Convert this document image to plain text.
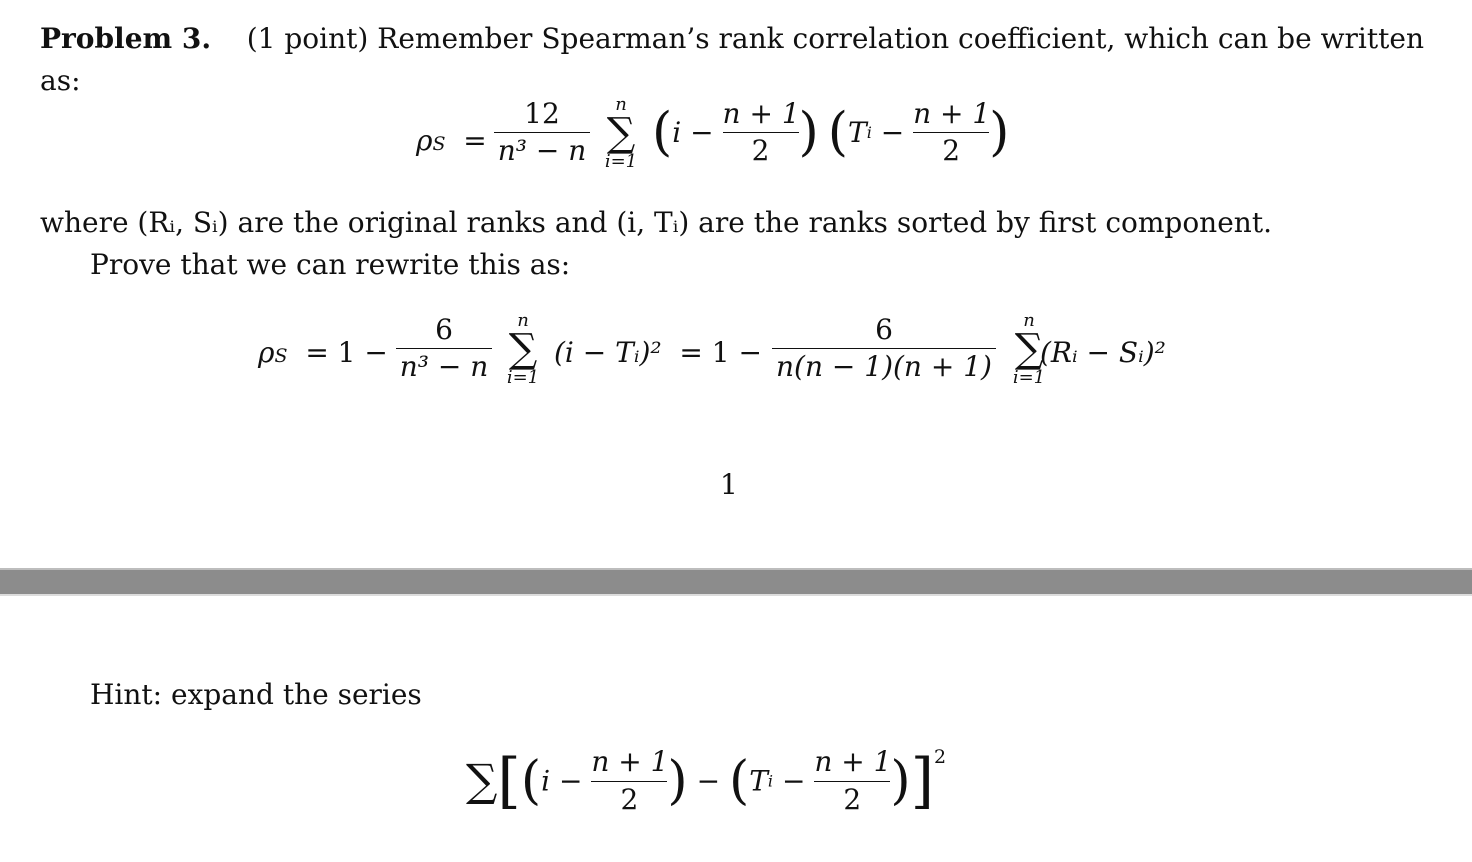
Problem 3. (1 point) Remember Spearman’s rank correlation coefficient, which can be written
as:
$\rho S = \frac{12}{\text{n³ − n}}$	n
∑
i=1 ($i - \frac{n + 1}{2}$ ) ($Ti - \frac{n + 1}{2}$ )
where (Rᵢ, Sᵢ) are the original ranks and (i, Tᵢ) are the ranks sorted by first component.
Prove that we can rewrite this as:
$\rho S = 1 - \frac{6}{\text{n³ − n}}$	n
∑
i=1
(i − Tᵢ)² = $1 - \frac{6}{n(n - 1)(n + 1)}$	n
∑
i=1
(Rᵢ − Sᵢ)²
1
Hint: expand the series
$\sum[(i - \frac{n + 1}{2}$ ) − $(Ti - \frac{n + 1}{2} )]^2$
